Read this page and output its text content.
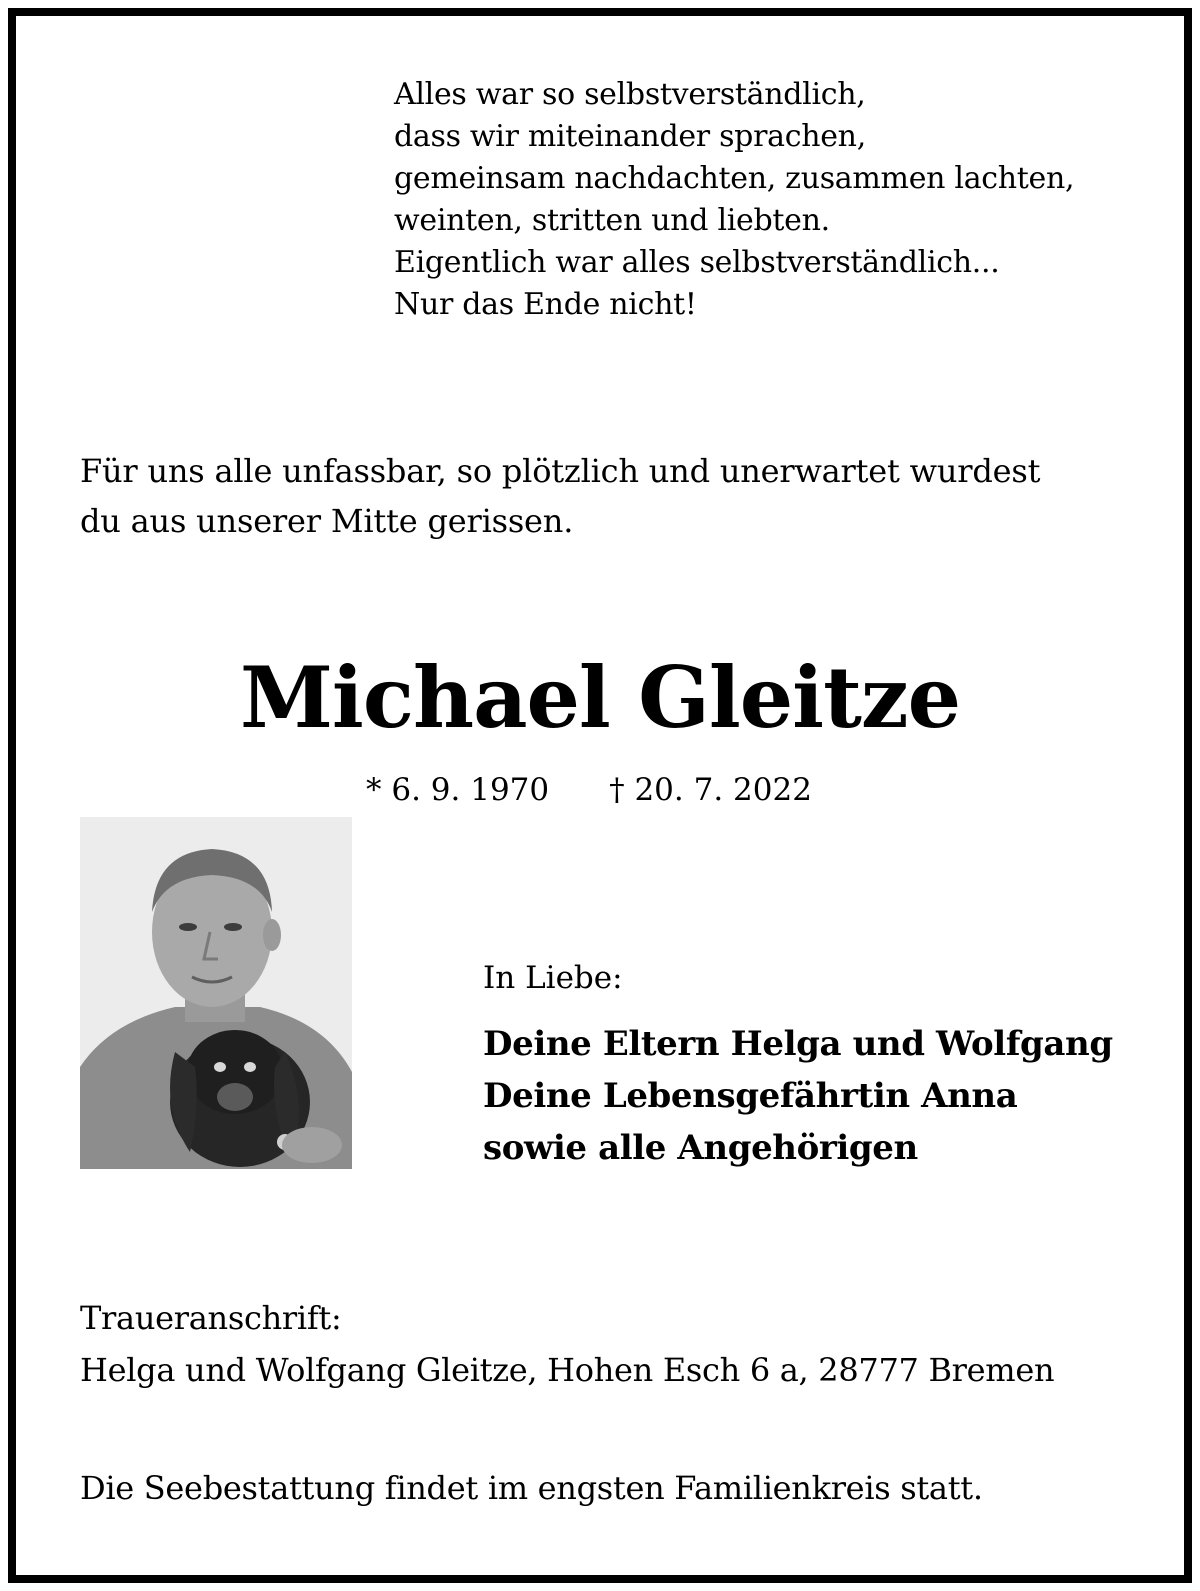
Alles war so selbstverständlich,
dass wir miteinander sprachen,
gemeinsam nachdachten, zusammen lachten,
weinten, stritten und liebten.
Eigentlich war alles selbstverständlich...
Nur das Ende nicht!
Für uns alle unfassbar, so plötzlich und unerwartet wurdest
du aus unserer Mitte gerissen.
Michael Gleitze
* 6. 9. 1970 † 20. 7. 2022
In Liebe:
Deine Eltern Helga und Wolfgang
Deine Lebensgefährtin Anna
sowie alle Angehörigen
Traueranschrift:
Helga und Wolfgang Gleitze, Hohen Esch 6 a, 28777 Bremen
Die Seebestattung findet im engsten Familienkreis statt.
